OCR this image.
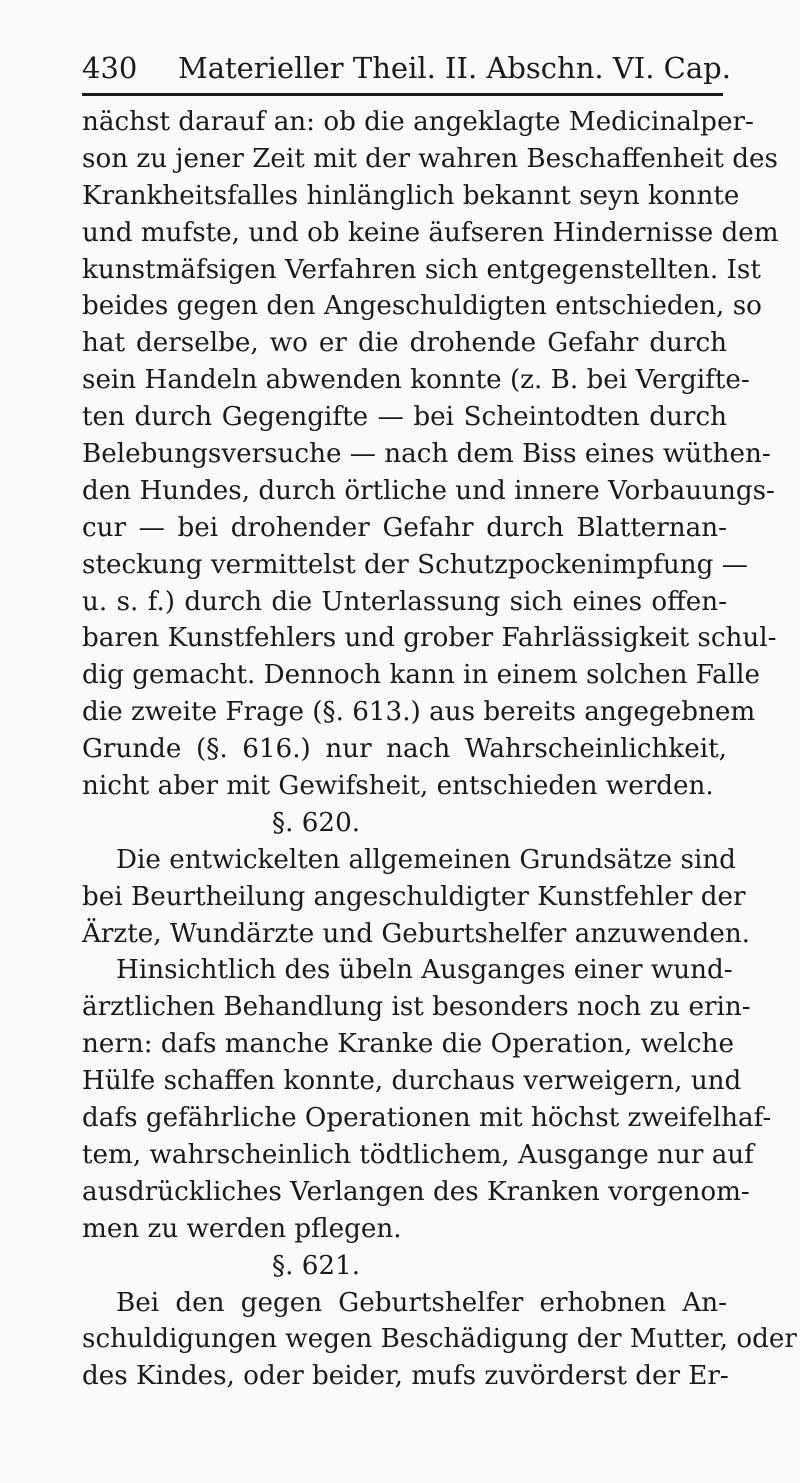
430 Materieller Theil. II. Abschn. VI. Cap.
nächst darauf an: ob die angeklagte Medicinalper-
son zu jener Zeit mit der wahren Beschaffenheit des
Krankheitsfalles hinlänglich bekannt seyn konnte
und mufste, und ob keine äufseren Hindernisse dem
kunstmäfsigen Verfahren sich entgegenstellten. Ist
beides gegen den Angeschuldigten entschieden, so
hat derselbe, wo er die drohende Gefahr durch
sein Handeln abwenden konnte (z. B. bei Vergifte-
ten durch Gegengifte — bei Scheintodten durch
Belebungsversuche — nach dem Biss eines wüthen-
den Hundes, durch örtliche und innere Vorbauungs-
cur — bei drohender Gefahr durch Blatternan-
steckung vermittelst der Schutzpockenimpfung —
u. s. f.) durch die Unterlassung sich eines offen-
baren Kunstfehlers und grober Fahrlässigkeit schul-
dig gemacht. Dennoch kann in einem solchen Falle
die zweite Frage (§. 613.) aus bereits angegebnem
Grunde (§. 616.) nur nach Wahrscheinlichkeit,
nicht aber mit Gewifsheit, entschieden werden.
§. 620.
Die entwickelten allgemeinen Grundsätze sind
bei Beurtheilung angeschuldigter Kunstfehler der
Ärzte, Wundärzte und Geburtshelfer anzuwenden.
Hinsichtlich des übeln Ausganges einer wund-
ärztlichen Behandlung ist besonders noch zu erin-
nern: dafs manche Kranke die Operation, welche
Hülfe schaffen konnte, durchaus verweigern, und
dafs gefährliche Operationen mit höchst zweifelhaf-
tem, wahrscheinlich tödtlichem, Ausgange nur auf
ausdrückliches Verlangen des Kranken vorgenom-
men zu werden pflegen.
§. 621.
Bei den gegen Geburtshelfer erhobnen An-
schuldigungen wegen Beschädigung der Mutter, oder
des Kindes, oder beider, mufs zuvörderst der Er-
